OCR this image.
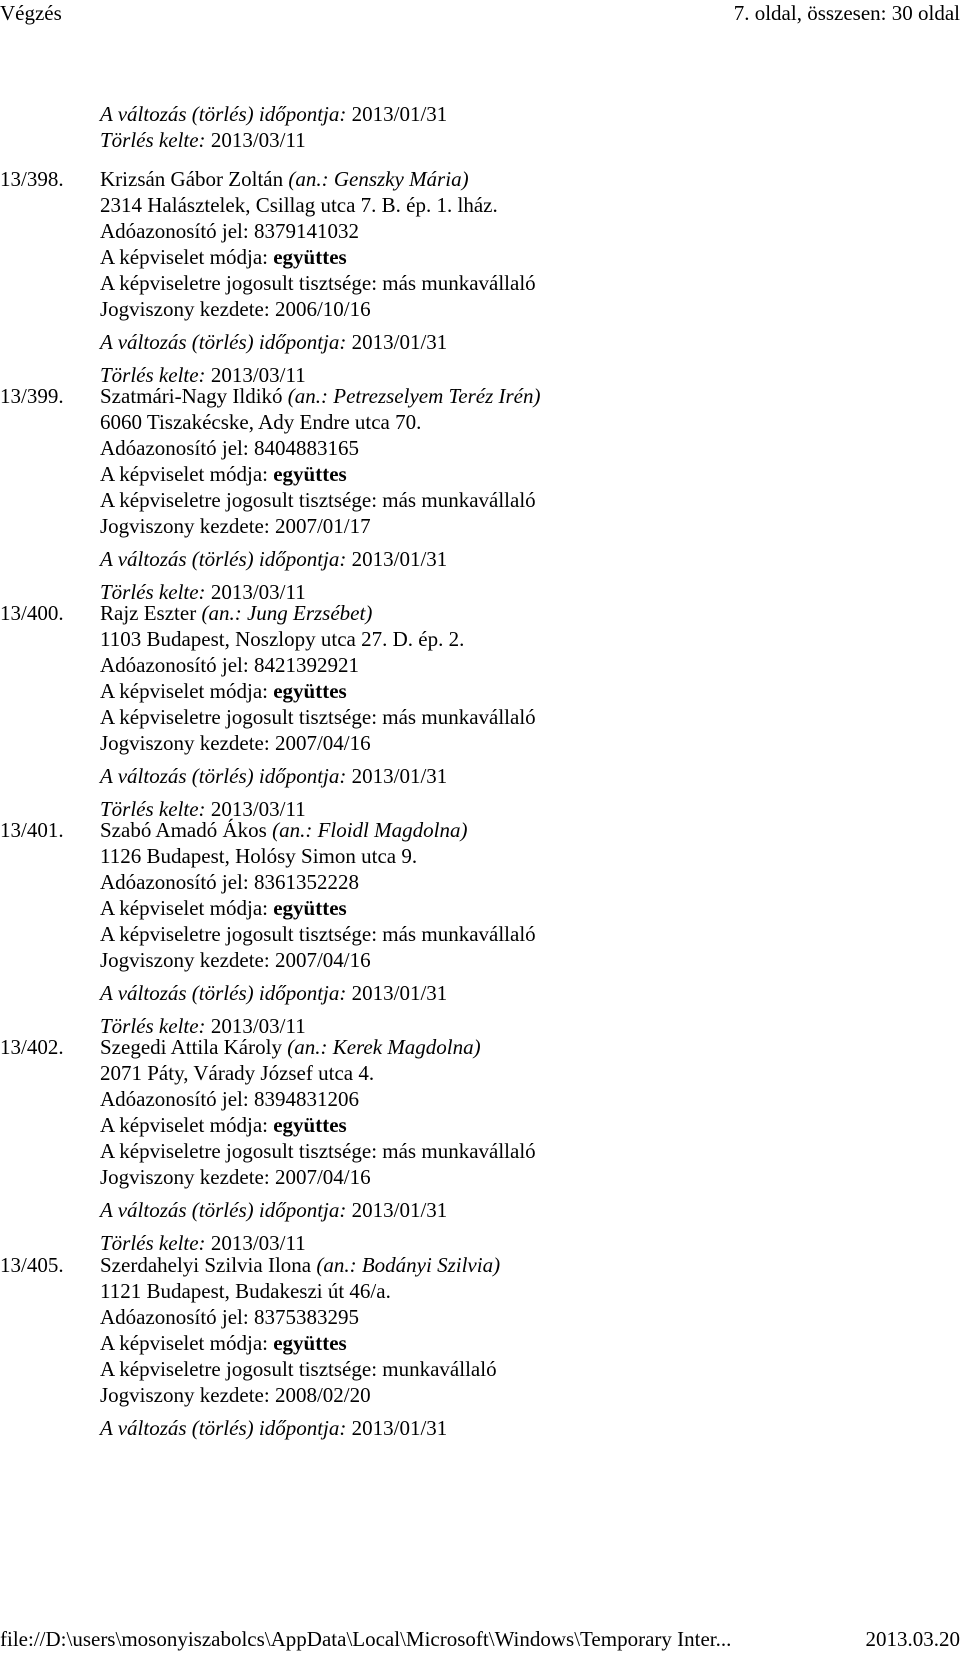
Végzés	7. oldal, összesen: 30 oldal
A változás (törlés) időpontja: 2013/01/31
Törlés kelte: 2013/03/11
13/398. Krizsán Gábor Zoltán (an.: Genszky Mária)
2314 Halásztelek, Csillag utca 7. B. ép. 1. lház.
Adóazonosító jel: 8379141032
A képviselet módja: együttes
A képviseletre jogosult tisztsége: más munkavállaló
Jogviszony kezdete: 2006/10/16
A változás (törlés) időpontja: 2013/01/31
Törlés kelte: 2013/03/11
13/399. Szatmári-Nagy Ildikó (an.: Petrezselyem Teréz Irén)
6060 Tiszakécske, Ady Endre utca 70.
Adóazonosító jel: 8404883165
A képviselet módja: együttes
A képviseletre jogosult tisztsége: más munkavállaló
Jogviszony kezdete: 2007/01/17
A változás (törlés) időpontja: 2013/01/31
Törlés kelte: 2013/03/11
13/400. Rajz Eszter (an.: Jung Erzsébet)
1103 Budapest, Noszlopy utca 27. D. ép. 2.
Adóazonosító jel: 8421392921
A képviselet módja: együttes
A képviseletre jogosult tisztsége: más munkavállaló
Jogviszony kezdete: 2007/04/16
A változás (törlés) időpontja: 2013/01/31
Törlés kelte: 2013/03/11
13/401. Szabó Amadó Ákos (an.: Floidl Magdolna)
1126 Budapest, Holósy Simon utca 9.
Adóazonosító jel: 8361352228
A képviselet módja: együttes
A képviseletre jogosult tisztsége: más munkavállaló
Jogviszony kezdete: 2007/04/16
A változás (törlés) időpontja: 2013/01/31
Törlés kelte: 2013/03/11
13/402. Szegedi Attila Károly (an.: Kerek Magdolna)
2071 Páty, Várady József utca 4.
Adóazonosító jel: 8394831206
A képviselet módja: együttes
A képviseletre jogosult tisztsége: más munkavállaló
Jogviszony kezdete: 2007/04/16
A változás (törlés) időpontja: 2013/01/31
Törlés kelte: 2013/03/11
13/405. Szerdahelyi Szilvia Ilona (an.: Bodányi Szilvia)
1121 Budapest, Budakeszi út 46/a.
Adóazonosító jel: 8375383295
A képviselet módja: együttes
A képviseletre jogosult tisztsége: munkavállaló
Jogviszony kezdete: 2008/02/20
A változás (törlés) időpontja: 2013/01/31
file://D:\users\mosonyiszabolcs\AppData\Local\Microsoft\Windows\Temporary Inter...	2013.03.20
